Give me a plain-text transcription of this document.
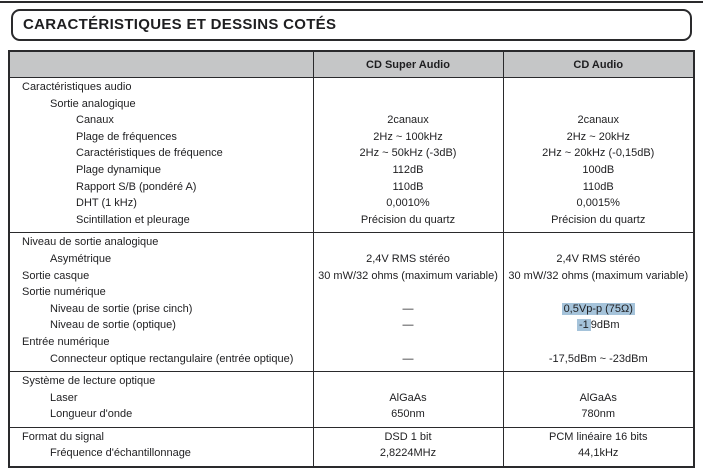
CARACTÉRISTIQUES ET DESSINS COTÉS
	CD Super Audio	CD Audio
Caractéristiques audio		
Sortie analogique		
Canaux	2canaux	2canaux
Plage de fréquences	2Hz ~ 100kHz	2Hz ~ 20kHz
Caractéristiques de fréquence	2Hz ~ 50kHz (-3dB)	2Hz ~ 20kHz (-0,15dB)
Plage dynamique	112dB	100dB
Rapport S/B (pondéré A)	110dB	110dB
DHT (1 kHz)	0,0010%	0,0015%
Scintillation et pleurage	Précision du quartz	Précision du quartz
Niveau de sortie analogique		
Asymétrique	2,4V RMS stéréo	2,4V RMS stéréo
Sortie casque	30 mW/32 ohms (maximum variable)	30 mW/32 ohms (maximum variable)
Sortie numérique		
Niveau de sortie (prise cinch)	—	0,5Vp-p (75Ω)
Niveau de sortie (optique)	—	-1 9dBm
Entrée numérique		
Connecteur optique rectangulaire (entrée optique)	—	-17,5dBm ~ -23dBm
Système de lecture optique		
Laser	AlGaAs	AlGaAs
Longueur d'onde	650nm	780nm
Format du signal	DSD 1 bit	PCM linéaire 16 bits
Fréquence d'échantillonnage	2,8224MHz	44,1kHz
